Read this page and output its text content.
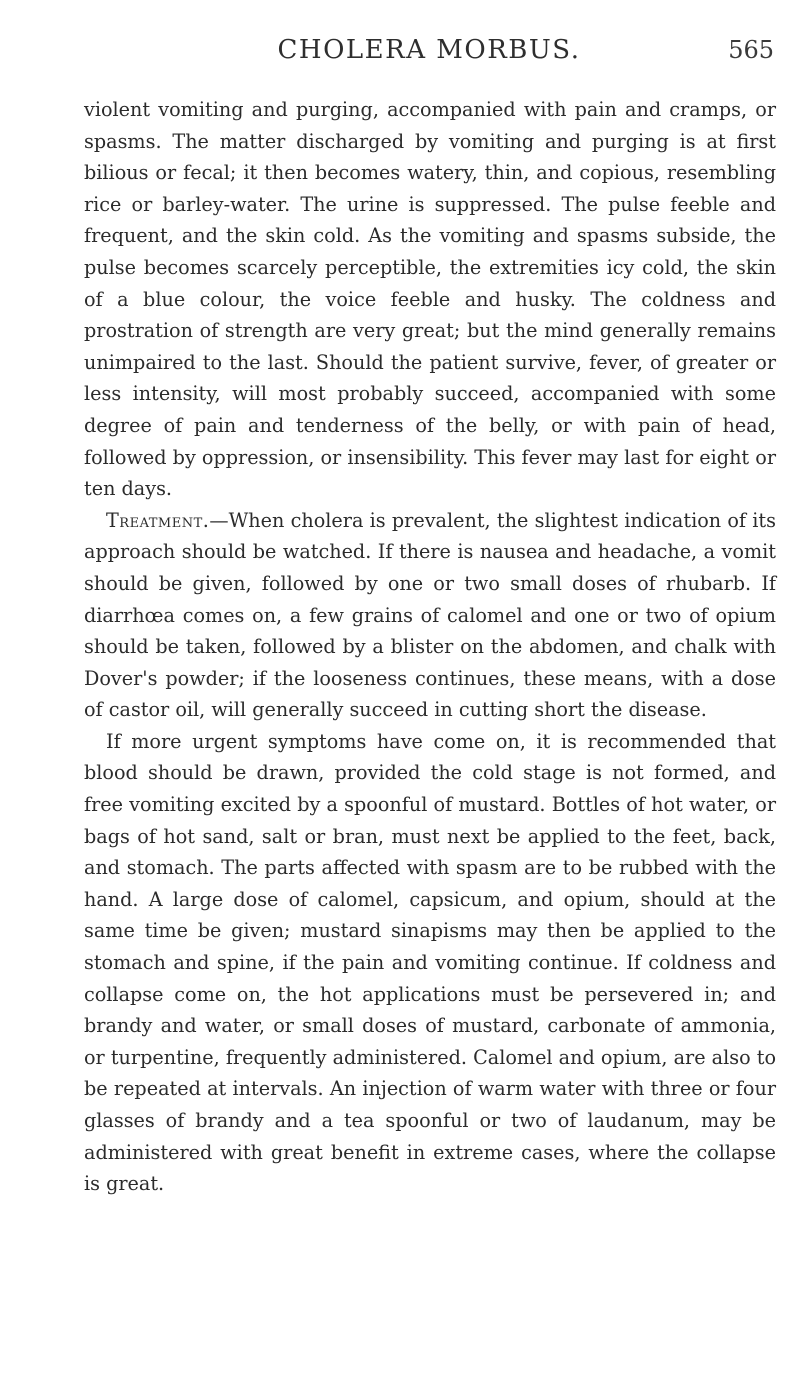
CHOLERA MORBUS.	565

violent vomiting and purging, accompanied with pain and cramps, or spasms. The matter discharged by vomiting and purging is at first bilious or fecal; it then becomes watery, thin, and copious, resembling rice or barley-water. The urine is suppressed. The pulse feeble and frequent, and the skin cold. As the vomiting and spasms subside, the pulse becomes scarcely perceptible, the extremities icy cold, the skin of a blue colour, the voice feeble and husky. The coldness and prostration of strength are very great; but the mind generally remains unimpaired to the last. Should the patient survive, fever, of greater or less intensity, will most probably succeed, accompanied with some degree of pain and tenderness of the belly, or with pain of head, followed by oppression, or insensibility. This fever may last for eight or ten days.

Treatment.—When cholera is prevalent, the slightest indication of its approach should be watched. If there is nausea and headache, a vomit should be given, followed by one or two small doses of rhubarb. If diarrhœa comes on, a few grains of calomel and one or two of opium should be taken, followed by a blister on the abdomen, and chalk with Dover's powder; if the looseness continues, these means, with a dose of castor oil, will generally succeed in cutting short the disease.

If more urgent symptoms have come on, it is recommended that blood should be drawn, provided the cold stage is not formed, and free vomiting excited by a spoonful of mustard. Bottles of hot water, or bags of hot sand, salt or bran, must next be applied to the feet, back, and stomach. The parts affected with spasm are to be rubbed with the hand. A large dose of calomel, capsicum, and opium, should at the same time be given; mustard sinapisms may then be applied to the stomach and spine, if the pain and vomiting continue. If coldness and collapse come on, the hot applications must be persevered in; and brandy and water, or small doses of mustard, carbonate of ammonia, or turpentine, frequently administered. Calomel and opium, are also to be repeated at intervals. An injection of warm water with three or four glasses of brandy and a tea spoonful or two of laudanum, may be administered with great benefit in extreme cases, where the collapse is great.
